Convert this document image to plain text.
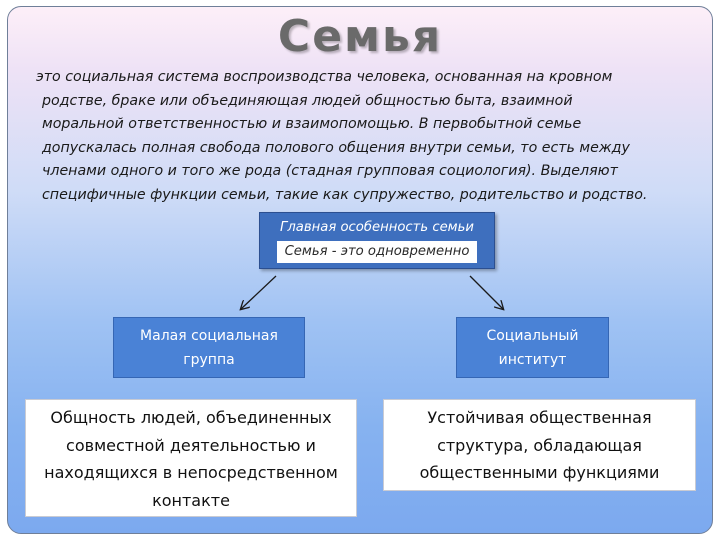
Семья

это социальная система воспроизводства человека, основанная на кровном
родстве, браке или объединяющая людей общностью быта, взаимной
моральной ответственностью и взаимопомощью. В первобытной семье
допускалась полная свобода полового общения внутри семьи, то есть между
членами одного и того же рода (стадная групповая социология). Выделяют
специфичные функции семьи, такие как супружество, родительство и родство.

Главная особенность семьи
Семья - это одновременно
Малая социальная
группа
Социальный
институт
Общность людей, объединенных
совместной деятельностью и
находящихся в непосредственном
контакте
Устойчивая общественная
структура, обладающая
общественными функциями
